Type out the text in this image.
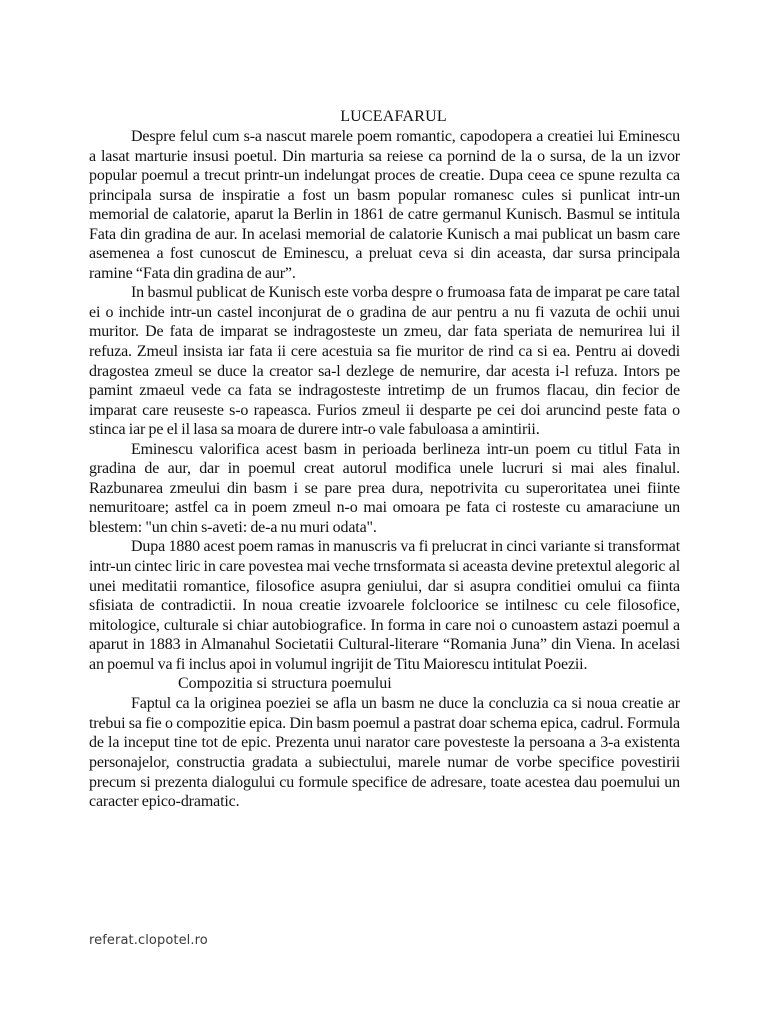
LUCEAFARUL

Despre felul cum s-a nascut marele poem romantic, capodopera a creatiei lui Eminescu a lasat marturie insusi poetul. Din marturia sa reiese ca pornind de la o sursa, de la un izvor popular poemul a trecut printr-un indelungat proces de creatie. Dupa ceea ce spune rezulta ca principala sursa de inspiratie a fost un basm popular romanesc cules si punlicat intr-un memorial de calatorie, aparut la Berlin in 1861 de catre germanul Kunisch. Basmul se intitula Fata din gradina de aur. In acelasi memorial de calatorie Kunisch a mai publicat un basm care asemenea a fost cunoscut de Eminescu, a preluat ceva si din aceasta, dar sursa principala ramine “Fata din gradina de aur”.

In basmul publicat de Kunisch este vorba despre o frumoasa fata de imparat pe care tatal ei o inchide intr-un castel inconjurat de o gradina de aur pentru a nu fi vazuta de ochii unui muritor. De fata de imparat se indragosteste un zmeu, dar fata speriata de nemurirea lui il refuza. Zmeul insista iar fata ii cere acestuia sa fie muritor de rind ca si ea. Pentru ai dovedi dragostea zmeul se duce la creator sa-l dezlege de nemurire, dar acesta i-l refuza. Intors pe pamint zmaeul vede ca fata se indragosteste intretimp de un frumos flacau, din fecior de imparat care reuseste s-o rapeasca. Furios zmeul ii desparte pe cei doi aruncind peste fata o stinca iar pe el il lasa sa moara de durere intr-o vale fabuloasa a amintirii.

Eminescu valorifica acest basm in perioada berlineza intr-un poem cu titlul Fata in gradina de aur, dar in poemul creat autorul modifica unele lucruri si mai ales finalul. Razbunarea zmeului din basm i se pare prea dura, nepotrivita cu superoritatea unei fiinte nemuritoare; astfel ca in poem zmeul n-o mai omoara pe fata ci rosteste cu amaraciune un blestem: "un chin s-aveti: de-a nu muri odata".

Dupa 1880 acest poem ramas in manuscris va fi prelucrat in cinci variante si transformat intr-un cintec liric in care povestea mai veche trnsformata si aceasta devine pretextul alegoric al unei meditatii romantice, filosofice asupra geniului, dar si asupra conditiei omului ca fiinta sfisiata de contradictii. In noua creatie izvoarele folcloorice se intilnesc cu cele filosofice, mitologice, culturale si chiar autobiografice. In forma in care noi o cunoastem astazi poemul a aparut in 1883 in Almanahul Societatii Cultural-literare “Romania Juna” din Viena. In acelasi an poemul va fi inclus apoi in volumul ingrijit de Titu Maiorescu intitulat Poezii.

Compozitia si structura poemului

Faptul ca la originea poeziei se afla un basm ne duce la concluzia ca si noua creatie ar trebui sa fie o compozitie epica. Din basm poemul a pastrat doar schema epica, cadrul. Formula de la inceput tine tot de epic. Prezenta unui narator care povesteste la persoana a 3-a existenta personajelor, constructia gradata a subiectului, marele numar de vorbe specifice povestirii precum si prezenta dialogului cu formule specifice de adresare, toate acestea dau poemului un caracter epico-dramatic.

referat.clopotel.ro
